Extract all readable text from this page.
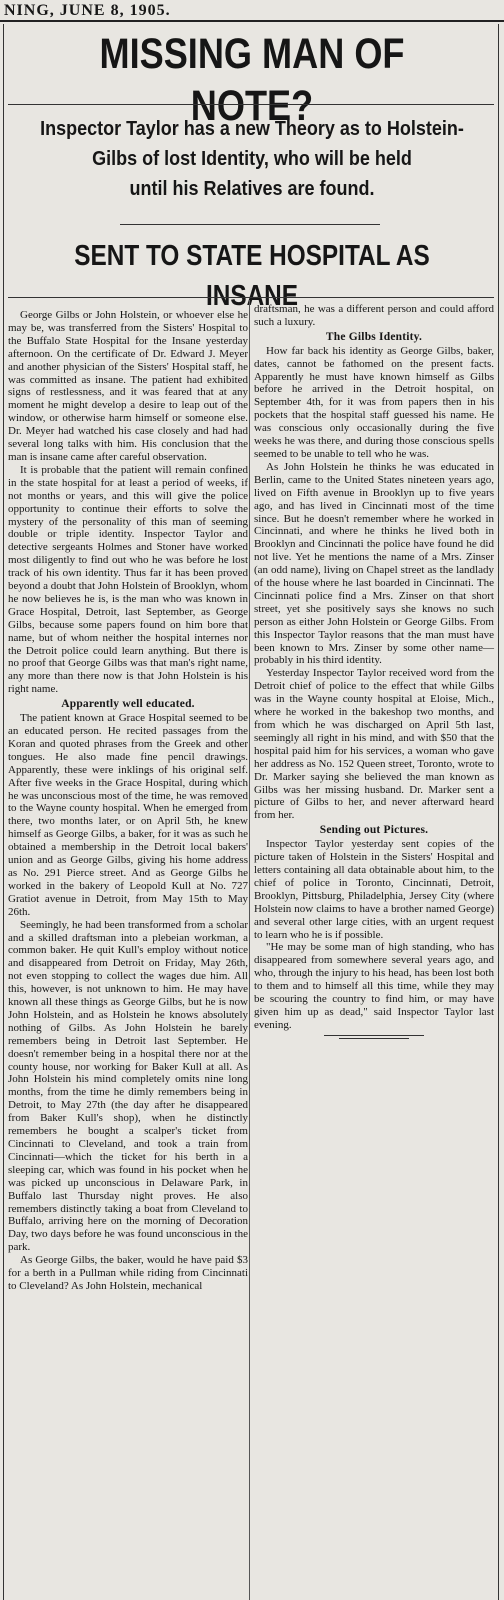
NING, JUNE 8, 1905.
MISSING MAN OF NOTE?
Inspector Taylor has a new Theory as to Holstein-
Gilbs of lost Identity, who will be held
until his Relatives are found.
SENT TO STATE HOSPITAL AS INSANE

George Gilbs or John Holstein, or whoever else he may be, was transferred from the Sisters' Hospital to the Buffalo State Hospital for the Insane yesterday afternoon. On the certificate of Dr. Edward J. Meyer and another physician of the Sisters' Hospital staff, he was committed as insane. The patient had exhibited signs of restlessness, and it was feared that at any moment he might develop a desire to leap out of the window, or otherwise harm himself or someone else. Dr. Meyer had watched his case closely and had had several long talks with him. His conclusion that the man is insane came after careful observation.

It is probable that the patient will remain confined in the state hospital for at least a period of weeks, if not months or years, and this will give the police opportunity to continue their efforts to solve the mystery of the personality of this man of seeming double or triple identity. Inspector Taylor and detective sergeants Holmes and Stoner have worked most diligently to find out who he was before he lost track of his own identity. Thus far it has been proved beyond a doubt that John Holstein of Brooklyn, whom he now believes he is, is the man who was known in Grace Hospital, Detroit, last September, as George Gilbs, because some papers found on him bore that name, but of whom neither the hospital internes nor the Detroit police could learn anything. But there is no proof that George Gilbs was that man's right name, any more than there now is that John Holstein is his right name.

Apparently well educated.

The patient known at Grace Hospital seemed to be an educated person. He recited passages from the Koran and quoted phrases from the Greek and other tongues. He also made fine pencil drawings. Apparently, these were inklings of his original self. After five weeks in the Grace Hospital, during which he was unconscious most of the time, he was removed to the Wayne county hospital. When he emerged from there, two months later, or on April 5th, he knew himself as George Gilbs, a baker, for it was as such he obtained a membership in the Detroit local bakers' union and as George Gilbs, giving his home address as No. 291 Pierce street. And as George Gilbs he worked in the bakery of Leopold Kull at No. 727 Gratiot avenue in Detroit, from May 15th to May 26th.

Seemingly, he had been transformed from a scholar and a skilled draftsman into a plebeian workman, a common baker. He quit Kull's employ without notice and disappeared from Detroit on Friday, May 26th, not even stopping to collect the wages due him. All this, however, is not unknown to him. He may have known all these things as George Gilbs, but he is now John Holstein, and as Holstein he knows absolutely nothing of Gilbs. As John Holstein he barely remembers being in Detroit last September. He doesn't remember being in a hospital there nor at the county house, nor working for Baker Kull at all. As John Holstein his mind completely omits nine long months, from the time he dimly remembers being in Detroit, to May 27th (the day after he disappeared from Baker Kull's shop), when he distinctly remembers he bought a scalper's ticket from Cincinnati to Cleveland, and took a train from Cincinnati—which the ticket for his berth in a sleeping car, which was found in his pocket when he was picked up unconscious in Delaware Park, in Buffalo last Thursday night proves. He also remembers distinctly taking a boat from Cleveland to Buffalo, arriving here on the morning of Decoration Day, two days before he was found unconscious in the park.

As George Gilbs, the baker, would he have paid $3 for a berth in a Pullman while riding from Cincinnati to Cleveland? As John Holstein, mechanical

draftsman, he was a different person and could afford such a luxury.

The Gilbs Identity.

How far back his identity as George Gilbs, baker, dates, cannot be fathomed on the present facts. Apparently he must have known himself as Gilbs before he arrived in the Detroit hospital, on September 4th, for it was from papers then in his pockets that the hospital staff guessed his name. He was conscious only occasionally during the five weeks he was there, and during those conscious spells seemed to be unable to tell who he was.

As John Holstein he thinks he was educated in Berlin, came to the United States nineteen years ago, lived on Fifth avenue in Brooklyn up to five years ago, and has lived in Cincinnati most of the time since. But he doesn't remember where he worked in Cincinnati, and where he thinks he lived both in Brooklyn and Cincinnati the police have found he did not live. Yet he mentions the name of a Mrs. Zinser (an odd name), living on Chapel street as the landlady of the house where he last boarded in Cincinnati. The Cincinnati police find a Mrs. Zinser on that short street, yet she positively says she knows no such person as either John Holstein or George Gilbs. From this Inspector Taylor reasons that the man must have been known to Mrs. Zinser by some other name—probably in his third identity.

Yesterday Inspector Taylor received word from the Detroit chief of police to the effect that while Gilbs was in the Wayne county hospital at Eloise, Mich., where he worked in the bakeshop two months, and from which he was discharged on April 5th last, seemingly all right in his mind, and with $50 that the hospital paid him for his services, a woman who gave her address as No. 152 Queen street, Toronto, wrote to Dr. Marker saying she believed the man known as Gilbs was her missing husband. Dr. Marker sent a picture of Gilbs to her, and never afterward heard from her.

Sending out Pictures.

Inspector Taylor yesterday sent copies of the picture taken of Holstein in the Sisters' Hospital and letters containing all data obtainable about him, to the chief of police in Toronto, Cincinnati, Detroit, Brooklyn, Pittsburg, Philadelphia, Jersey City (where Holstein now claims to have a brother named George) and several other large cities, with an urgent request to learn who he is if possible.

"He may be some man of high standing, who has disappeared from somewhere several years ago, and who, through the injury to his head, has been lost both to them and to himself all this time, while they may be scouring the country to find him, or may have given him up as dead," said Inspector Taylor last evening.
